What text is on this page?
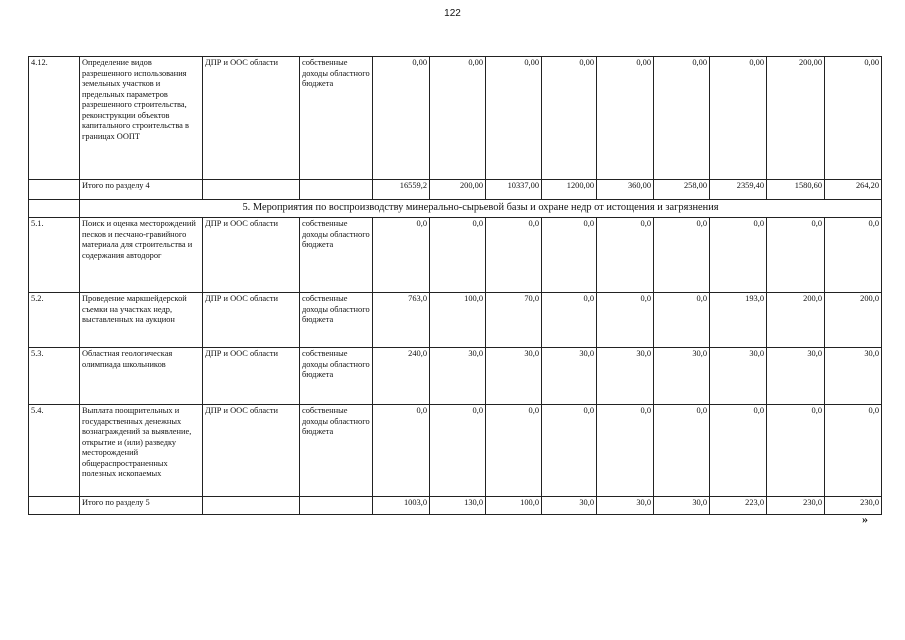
122
4.12.	Определение видов разрешенного использования земельных участков и предельных параметров разрешенного строительства, реконструкции объектов капитального строительства в границах ООПТ	ДПР и ООС области	собственные доходы областного бюджета	0,00	0,00	0,00	0,00	0,00	0,00	0,00	200,00	0,00
	Итого по разделу 4			16559,2	200,00	10337,00	1200,00	360,00	258,00	2359,40	1580,60	264,20
	5. Мероприятия по воспроизводству минерально-сырьевой базы и охране недр от истощения и загрязнения											
5.1.	Поиск и оценка месторождений песков и песчано-гравийного материала для строительства и содержания автодорог	ДПР и ООС области	собственные доходы областного бюджета	0,0	0,0	0,0	0,0	0,0	0,0	0,0	0,0	0,0
5.2.	Проведение маркшейдерской съемки на участках недр, выставленных на аукцион	ДПР и ООС области	собственные доходы областного бюджета	763,0	100,0	70,0	0,0	0,0	0,0	193,0	200,0	200,0
5.3.	Областная геологическая олимпиада школьников	ДПР и ООС области	собственные доходы областного бюджета	240,0	30,0	30,0	30,0	30,0	30,0	30,0	30,0	30,0
5.4.	Выплата поощрительных и государственных денежных вознаграждений за выявление, открытие и (или) разведку месторождений общераспространенных полезных ископаемых	ДПР и ООС области	собственные доходы областного бюджета	0,0	0,0	0,0	0,0	0,0	0,0	0,0	0,0	0,0
	Итого по разделу 5			1003,0	130,0	100,0	30,0	30,0	30,0	223,0	230,0	230,0
»
